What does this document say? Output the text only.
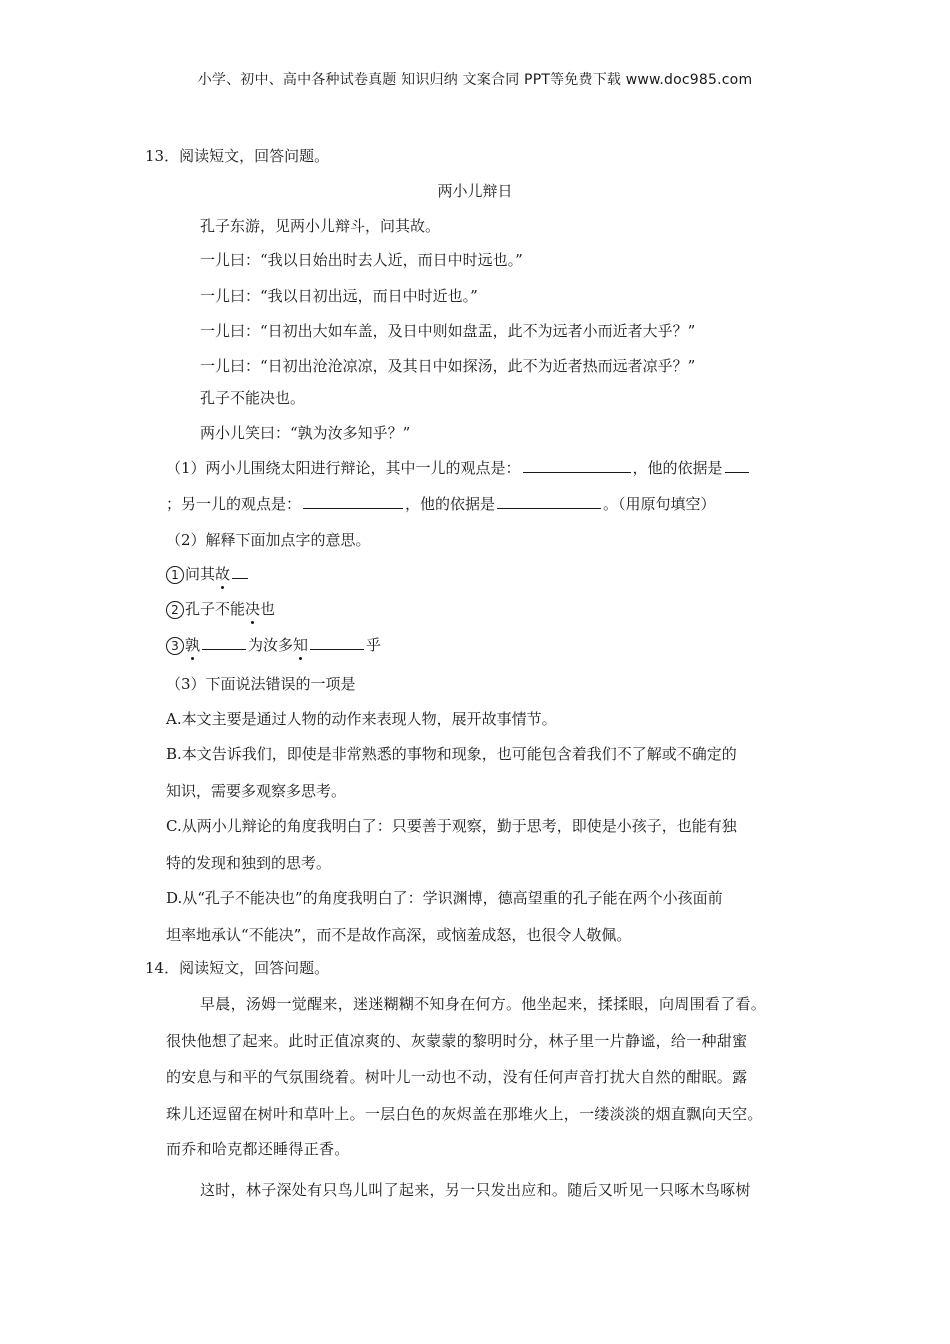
小学、初中、高中各种试卷真题 知识归纳 文案合同 PPT等免费下载 www.doc985.com
13．阅读短文，回答问题。
两小儿辩日
孔子东游，见两小儿辩斗，问其故。
一儿曰：“我以日始出时去人近，而日中时远也。”
一儿曰：“我以日初出远，而日中时近也。”
一儿曰：“日初出大如车盖，及日中则如盘盂，此不为远者小而近者大乎？”
一儿曰：“日初出沧沧凉凉，及其日中如探汤，此不为近者热而远者凉乎？”
孔子不能决也。
两小儿笑曰：“孰为汝多知乎？”
（1）两小儿围绕太阳进行辩论，其中一儿的观点是：	，他的依据是
；另一儿的观点是：	，他的依据是	。（用原句填空）
（2）解释下面加点字的意思。
1 问其故
2 孔子不能决也
3 孰	为汝多知	乎
（3）下面说法错误的一项是
A.本文主要是通过人物的动作来表现人物，展开故事情节。
B.本文告诉我们，即使是非常熟悉的事物和现象，也可能包含着我们不了解或不确定的
知识，需要多观察多思考。
C.从两小儿辩论的角度我明白了：只要善于观察，勤于思考，即使是小孩子，也能有独
特的发现和独到的思考。
D.从“孔子不能决也”的角度我明白了：学识渊博，德高望重的孔子能在两个小孩面前
坦率地承认“不能决”，而不是故作高深，或恼羞成怒，也很令人敬佩。
14．阅读短文，回答问题。
早晨，汤姆一觉醒来，迷迷糊糊不知身在何方。他坐起来，揉揉眼，向周围看了看。
很快他想了起来。此时正值凉爽的、灰蒙蒙的黎明时分，林子里一片静谧，给一种甜蜜
的安息与和平的气氛围绕着。树叶儿一动也不动，没有任何声音打扰大自然的酣眠。露
珠儿还逗留在树叶和草叶上。一层白色的灰烬盖在那堆火上，一缕淡淡的烟直飘向天空。
而乔和哈克都还睡得正香。
这时，林子深处有只鸟儿叫了起来，另一只发出应和。随后又听见一只啄木鸟啄树
